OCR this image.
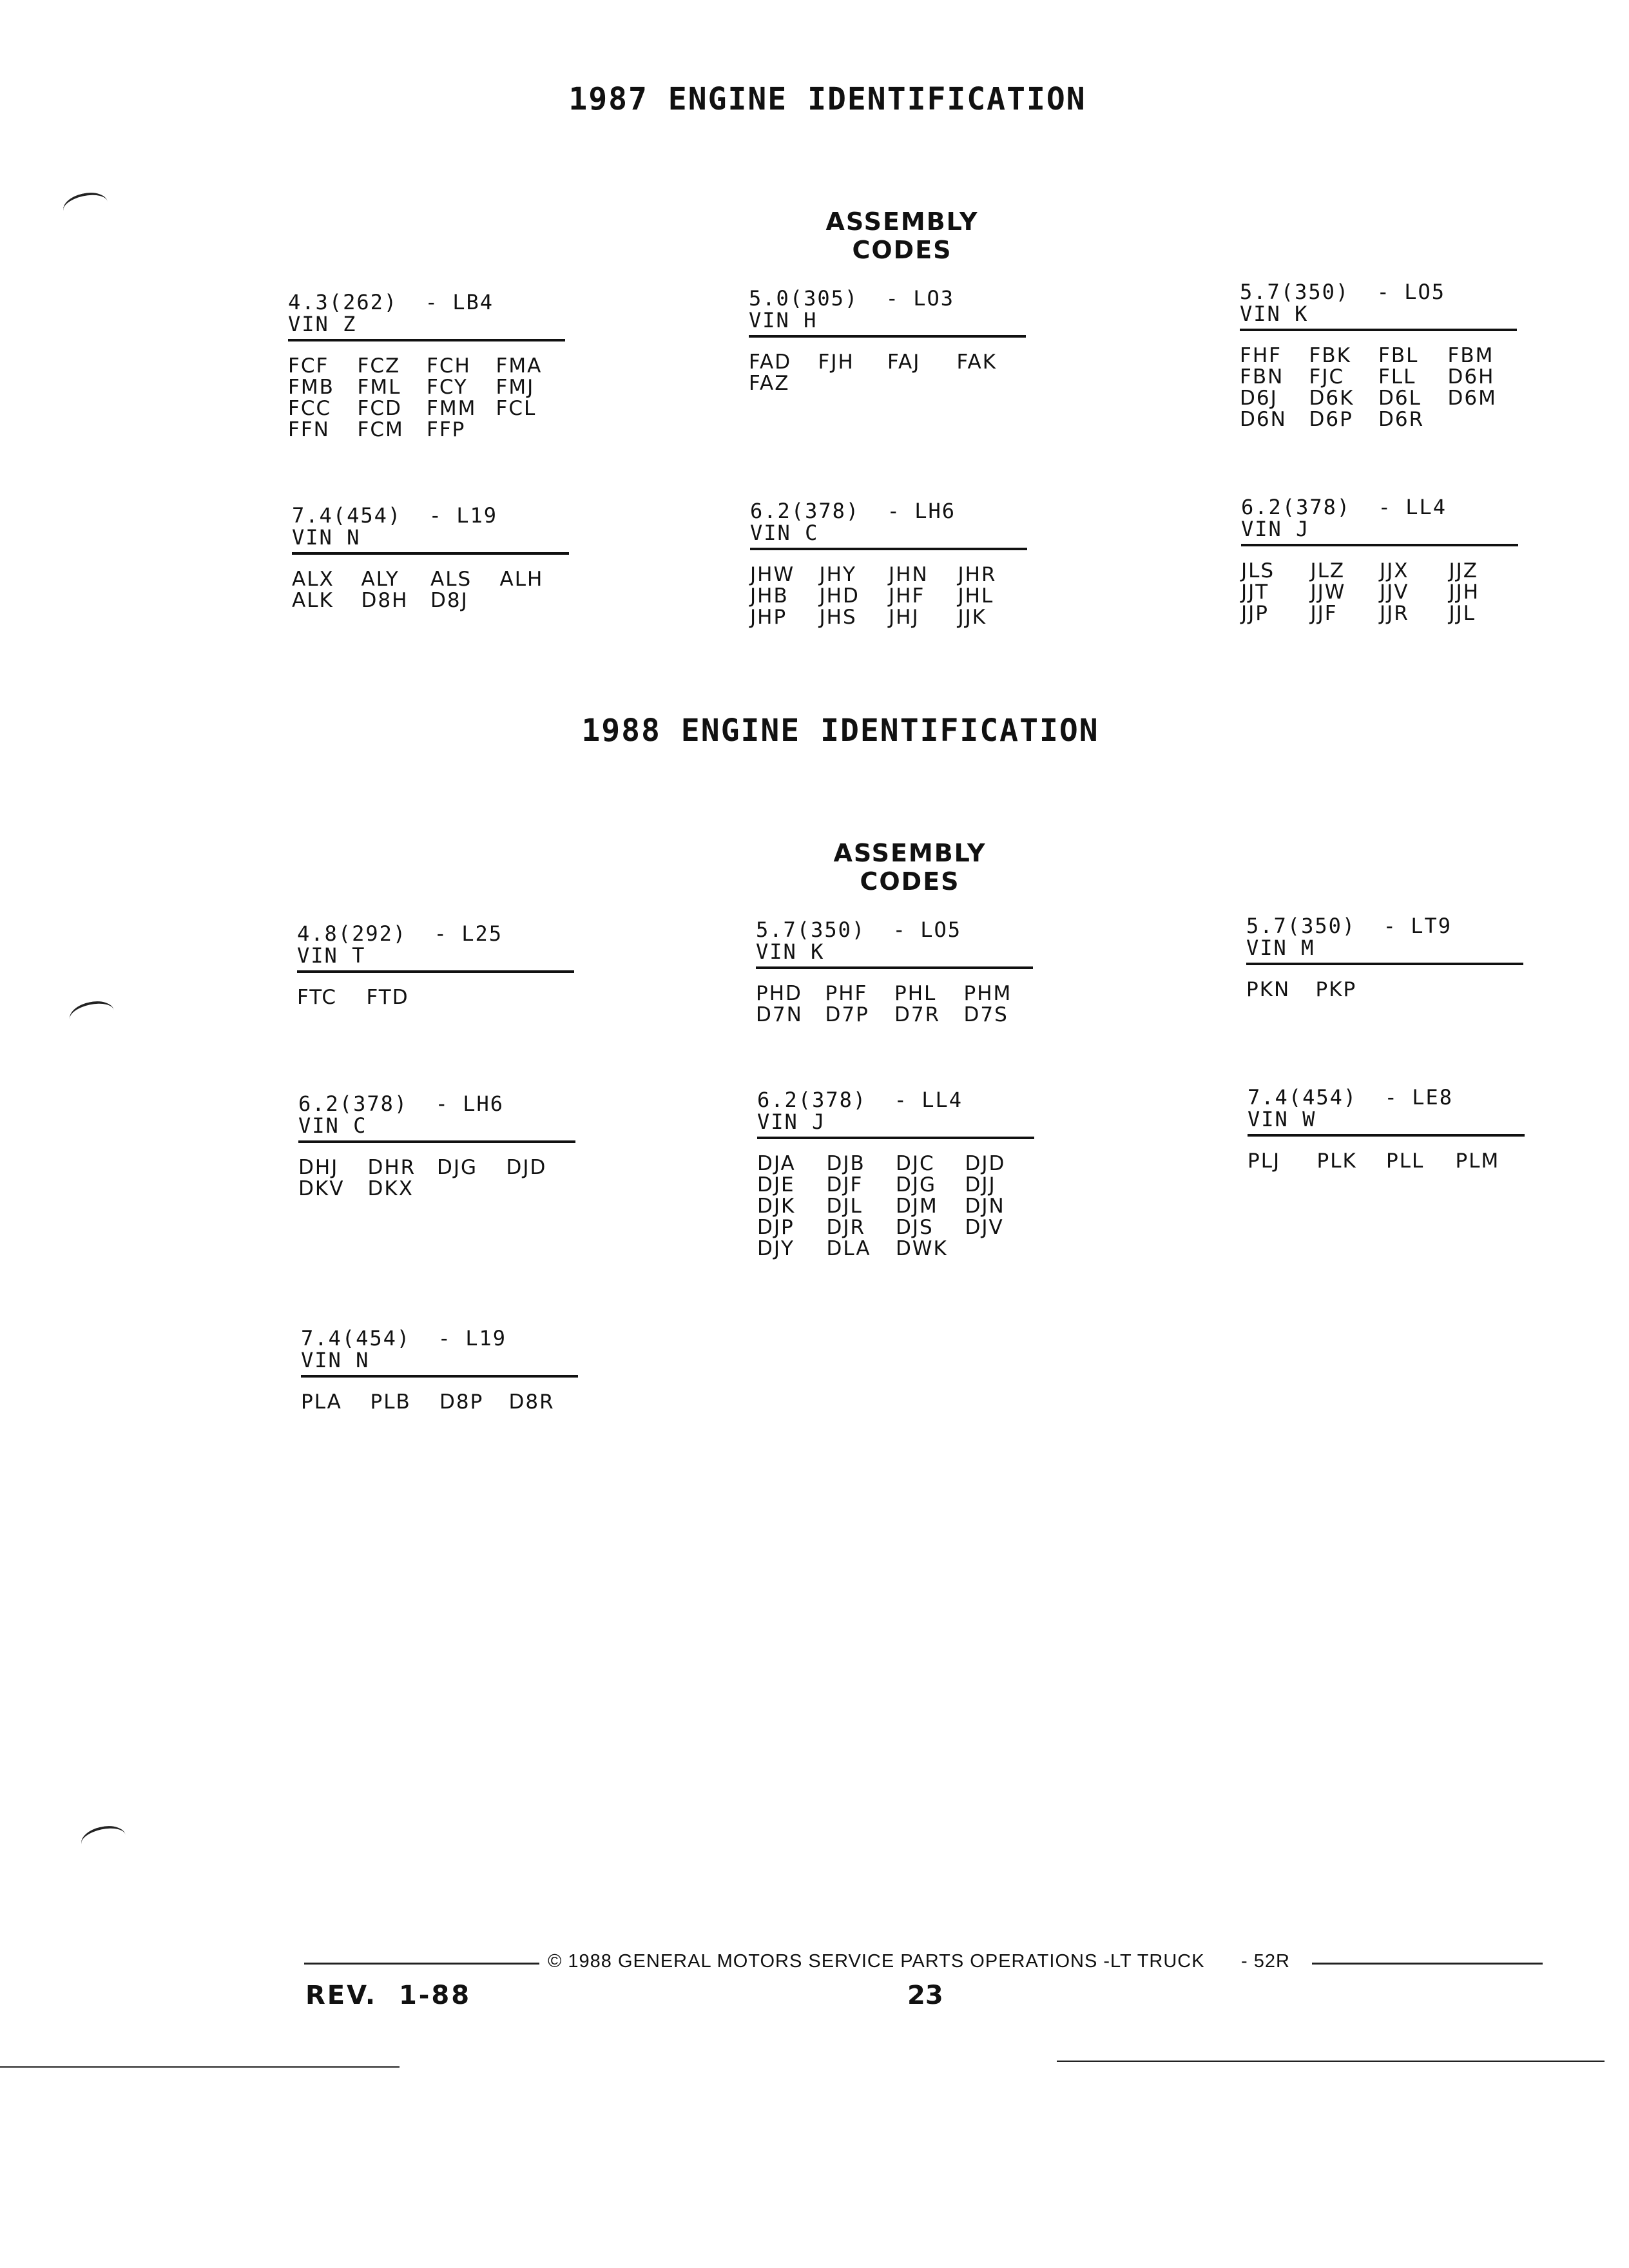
1987 ENGINE IDENTIFICATION
ASSEMBLY CODES
4.3(262)  - LB4
VIN Z
FCF	FCZ	FCH	FMA
FMB	FML	FCY	FMJ
FCC	FCD	FMM FCL
FFN	FCM	FFP
5.0(305)  - LO3
VIN H
FAD	FJH	FAJ	FAK
FAZ
5.7(350)  - LO5
VIN K
FHF	FBK	FBL	FBM
FBN	FJC	FLL	D6H
D6J	D6K	D6L	D6M
D6N	D6P	D6R
7.4(454)  - L19
VIN N
ALX	ALY	ALS	ALH
ALK	D8H	D8J
6.2(378)  - LH6
VIN C
JHW	JHY	JHN	JHR
JHB	JHD	JHF	JHL
JHP	JHS	JHJ	JJK
6.2(378)  - LL4
VIN J
JLS	JLZ	JJX	JJZ
JJT	JJW	JJV	JJH
JJP	JJF	JJR	JJL
1988 ENGINE IDENTIFICATION
ASSEMBLY CODES
4.8(292)  - L25
VIN T
FTC	FTD
5.7(350)  - LO5
VIN K
PHD	PHF	PHL	PHM
D7N	D7P	D7R	D7S
5.7(350)  - LT9
VIN M
PKN	PKP
6.2(378)  - LH6
VIN C
DHJ	DHR	DJG	DJD
DKV	DKX
6.2(378)  - LL4
VIN J
DJA	DJB	DJC	DJD
DJE	DJF	DJG	DJJ
DJK	DJL	DJM	DJN
DJP	DJR	DJS	DJV
DJY	DLA	DWK
7.4(454)  - LE8
VIN W
PLJ	PLK	PLL	PLM
7.4(454)  - L19
VIN N
PLA	PLB	D8P	D8R
© 1988 GENERAL MOTORS SERVICE PARTS OPERATIONS -LT TRUCK - 52R
REV.  1-88	23
